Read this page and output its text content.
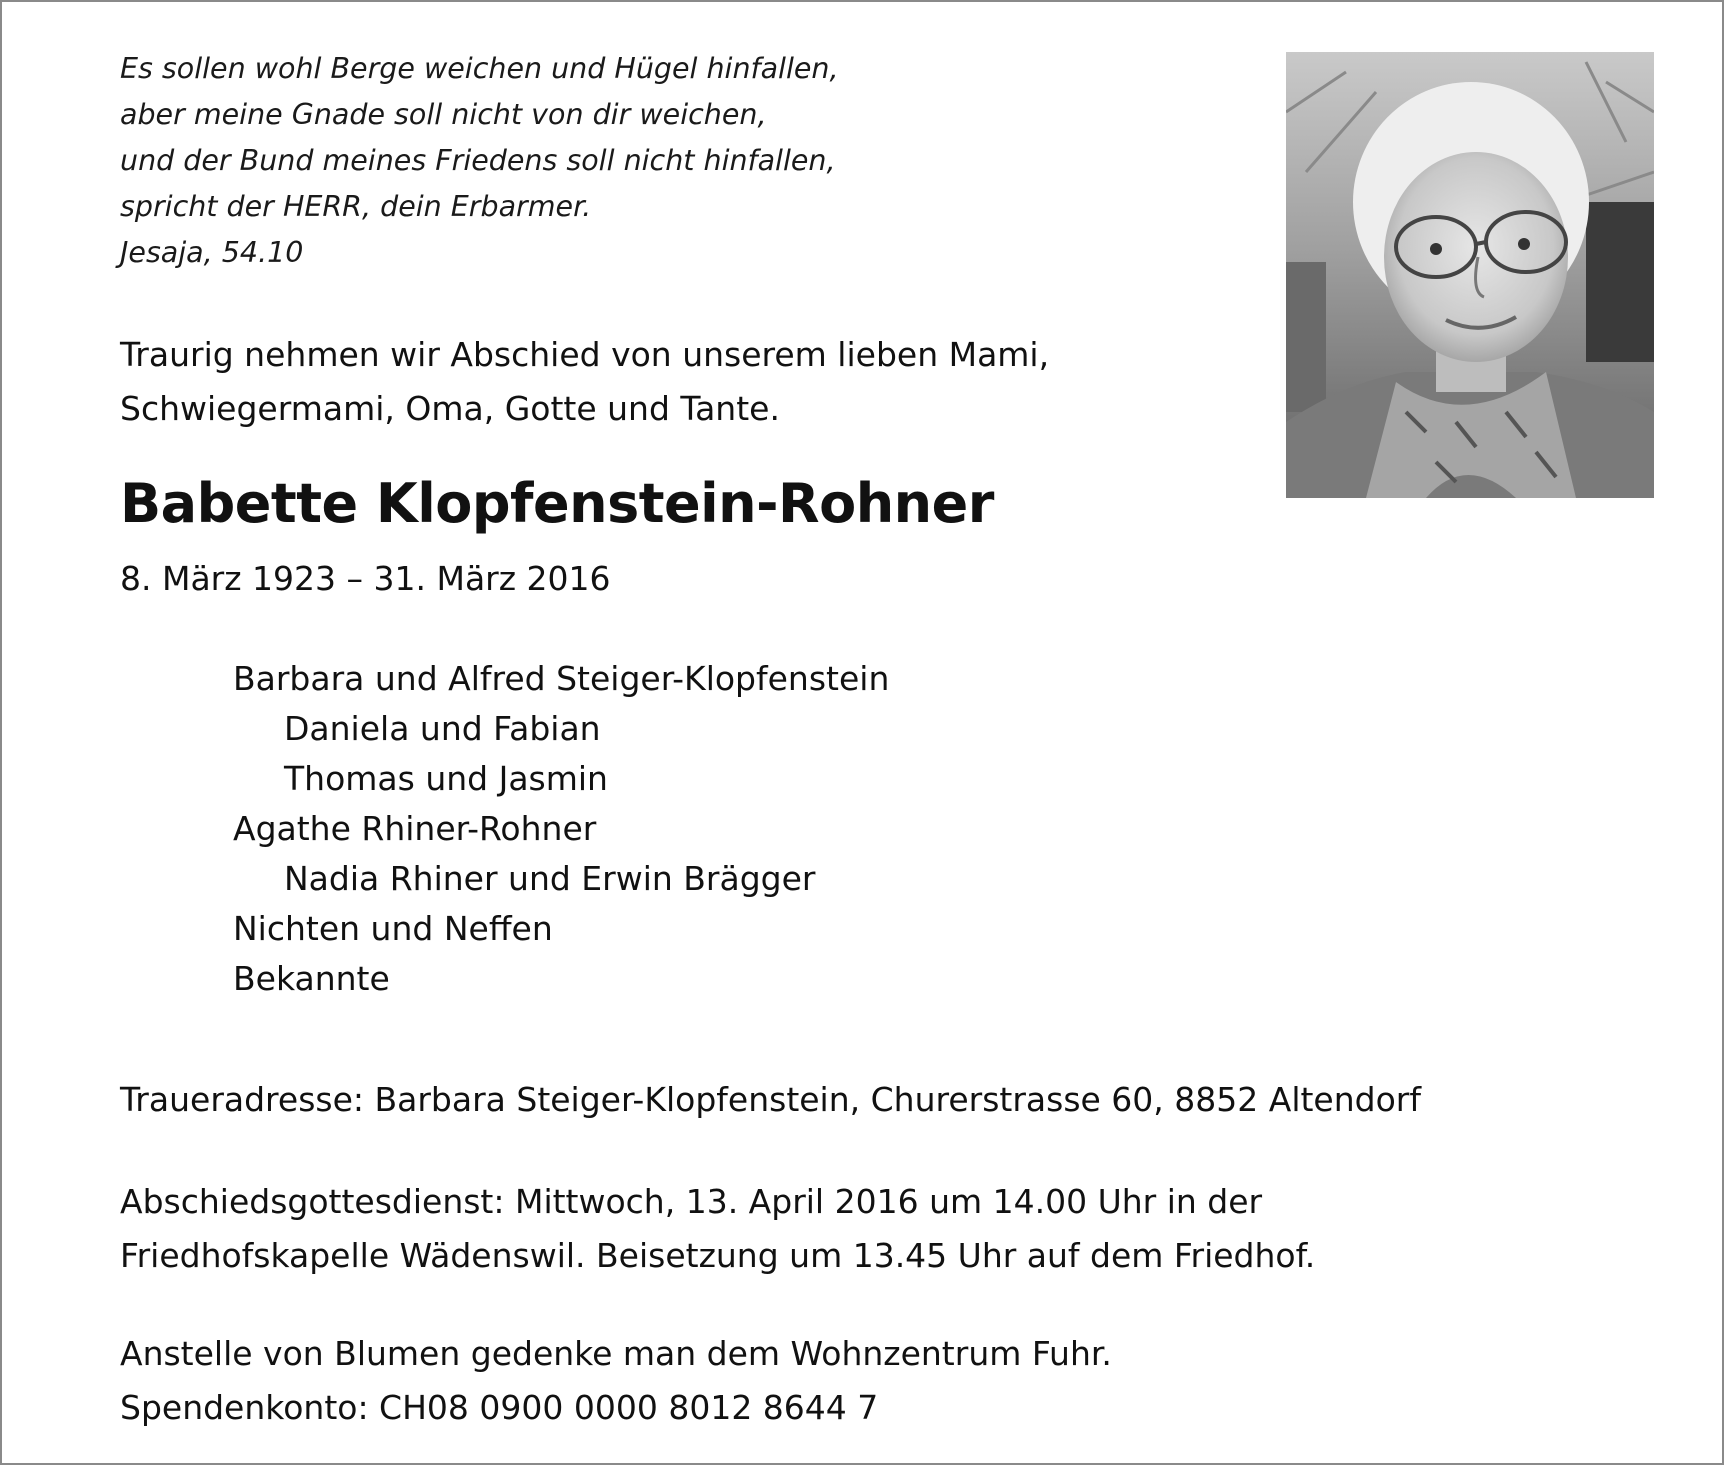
Es sollen wohl Berge weichen und Hügel hinfallen,
aber meine Gnade soll nicht von dir weichen,
und der Bund meines Friedens soll nicht hinfallen,
spricht der HERR, dein Erbarmer.
Jesaja, 54.10
Traurig nehmen wir Abschied von unserem lieben Mami,
Schwiegermami, Oma, Gotte und Tante.
Babette Klopfenstein-Rohner
8. März 1923 – 31. März 2016
Barbara und Alfred Steiger-Klopfenstein
Daniela und Fabian
Thomas und Jasmin
Agathe Rhiner-Rohner
Nadia Rhiner und Erwin Brägger
Nichten und Neffen
Bekannte
Traueradresse: Barbara Steiger-Klopfenstein, Churerstrasse 60, 8852 Altendorf
Abschiedsgottesdienst: Mittwoch, 13. April 2016 um 14.00 Uhr in der
Friedhofskapelle Wädenswil. Beisetzung um 13.45 Uhr auf dem Friedhof.
Anstelle von Blumen gedenke man dem Wohnzentrum Fuhr.
Spendenkonto: CH08 0900 0000 8012 8644 7
